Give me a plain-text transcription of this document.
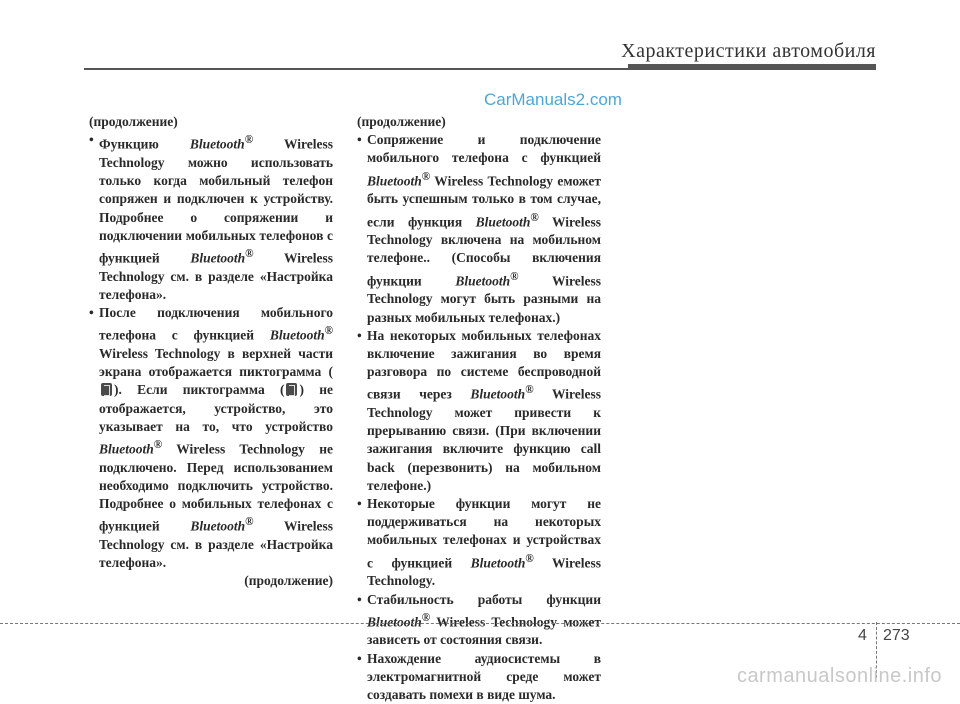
Характеристики автомобиля
CarManuals2.com

(продолжение)

• Функцию Bluetooth® Wireless Technology можно использовать только когда мобильный телефон сопряжен и подключен к устройству. Подробнее о сопряжении и подключении мобильных телефонов с функцией Bluetooth® Wireless Technology см. в разделе «Настройка телефона».

• После подключения мобильного телефона с функцией Bluetooth® Wireless Technology в верхней части экрана отображается пиктограмма (). Если пиктограмма ( ) не отображается, устройство, это указывает на то, что устройство Bluetooth® Wireless Technology не подключено. Перед использованием необходимо подключить устройство. Подробнее о мобильных телефонах с функцией Bluetooth® Wireless Technology см. в разделе «Настройка телефона».

(продолжение)

(продолжение)

• Сопряжение и подключение мобильного телефона с функцией Bluetooth® Wireless Technology еможет быть успешным только в том случае, если функция Bluetooth® Wireless Technology включена на мобильном телефоне.. (Способы включения функции Bluetooth® Wireless Technology могут быть разными на разных мобильных телефонах.)

• На некоторых мобильных телефонах включение зажигания во время разговора по системе беспроводной связи через Bluetooth® Wireless Technology может привести к прерыванию связи. (При включении зажигания включите функцию call back (перезвонить) на мобильном телефоне.)

• Некоторые функции могут не поддерживаться на некоторых мобильных телефонах и устройствах с функцией Bluetooth® Wireless Technology.

• Стабильность работы функции Bluetooth® Wireless Technology может зависеть от состояния связи.

• Нахождение аудиосистемы в электромагнитной среде может создавать помехи в виде шума.

4 273
carmanualsonline.info
